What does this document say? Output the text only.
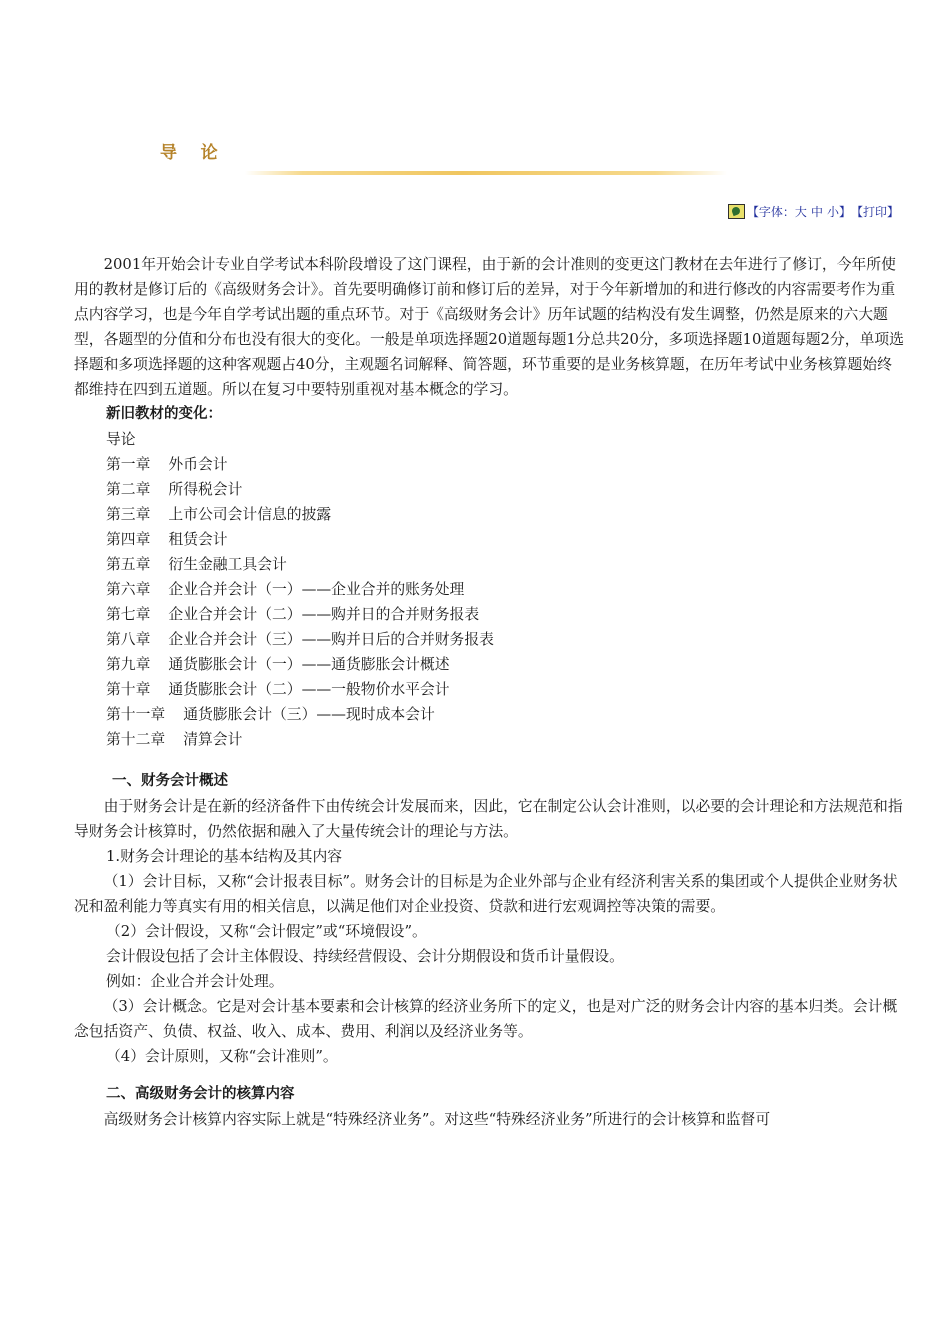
导    论
【字体： 大 中 小 】 【打印】

2001年开始会计专业自学考试本科阶段增设了这门课程，由于新的会计准则的变更这门教材在去年进行了修订，今年所使用的教材是修订后的《高级财务会计》。首先要明确修订前和修订后的差异，对于今年新增加的和进行修改的内容需要考作为重点内容学习，也是今年自学考试出题的重点环节。对于《高级财务会计》历年试题的结构没有发生调整，仍然是原来的六大题型，各题型的分值和分布也没有很大的变化。一般是单项选择题20道题每题1分总共20分，多项选择题10道题每题2分，单项选择题和多项选择题的这种客观题占40分，主观题名词解释、简答题，环节重要的是业务核算题，在历年考试中业务核算题始终都维持在四到五道题。所以在复习中要特别重视对基本概念的学习。

新旧教材的变化：

导论

第一章 外币会计

第二章 所得税会计

第三章 上市公司会计信息的披露

第四章 租赁会计

第五章 衍生金融工具会计

第六章 企业合并会计（一）——企业合并的账务处理

第七章 企业合并会计（二）——购并日的合并财务报表

第八章 企业合并会计（三）——购并日后的合并财务报表

第九章 通货膨胀会计（一）——通货膨胀会计概述

第十章 通货膨胀会计（二）——一般物价水平会计

第十一章 通货膨胀会计（三）——现时成本会计

第十二章 清算会计

一、财务会计概述

由于财务会计是在新的经济备件下由传统会计发展而来，因此，它在制定公认会计准则，以必要的会计理论和方法规范和指导财务会计核算时，仍然依据和融入了大量传统会计的理论与方法。

1.财务会计理论的基本结构及其内容

（1）会计目标，又称“会计报表目标”。财务会计的目标是为企业外部与企业有经济利害关系的集团或个人提供企业财务状况和盈利能力等真实有用的相关信息，以满足他们对企业投资、贷款和进行宏观调控等决策的需要。

（2）会计假设，又称“会计假定”或“环境假设”。

会计假设包括了会计主体假设、持续经营假设、会计分期假设和货币计量假设。

例如：企业合并会计处理。

（3）会计概念。它是对会计基本要素和会计核算的经济业务所下的定义，也是对广泛的财务会计内容的基本归类。会计概念包括资产、负债、权益、收入、成本、费用、利润以及经济业务等。

（4）会计原则，又称“会计准则”。

二、高级财务会计的核算内容

高级财务会计核算内容实际上就是“特殊经济业务”。对这些“特殊经济业务”所进行的会计核算和监督可
